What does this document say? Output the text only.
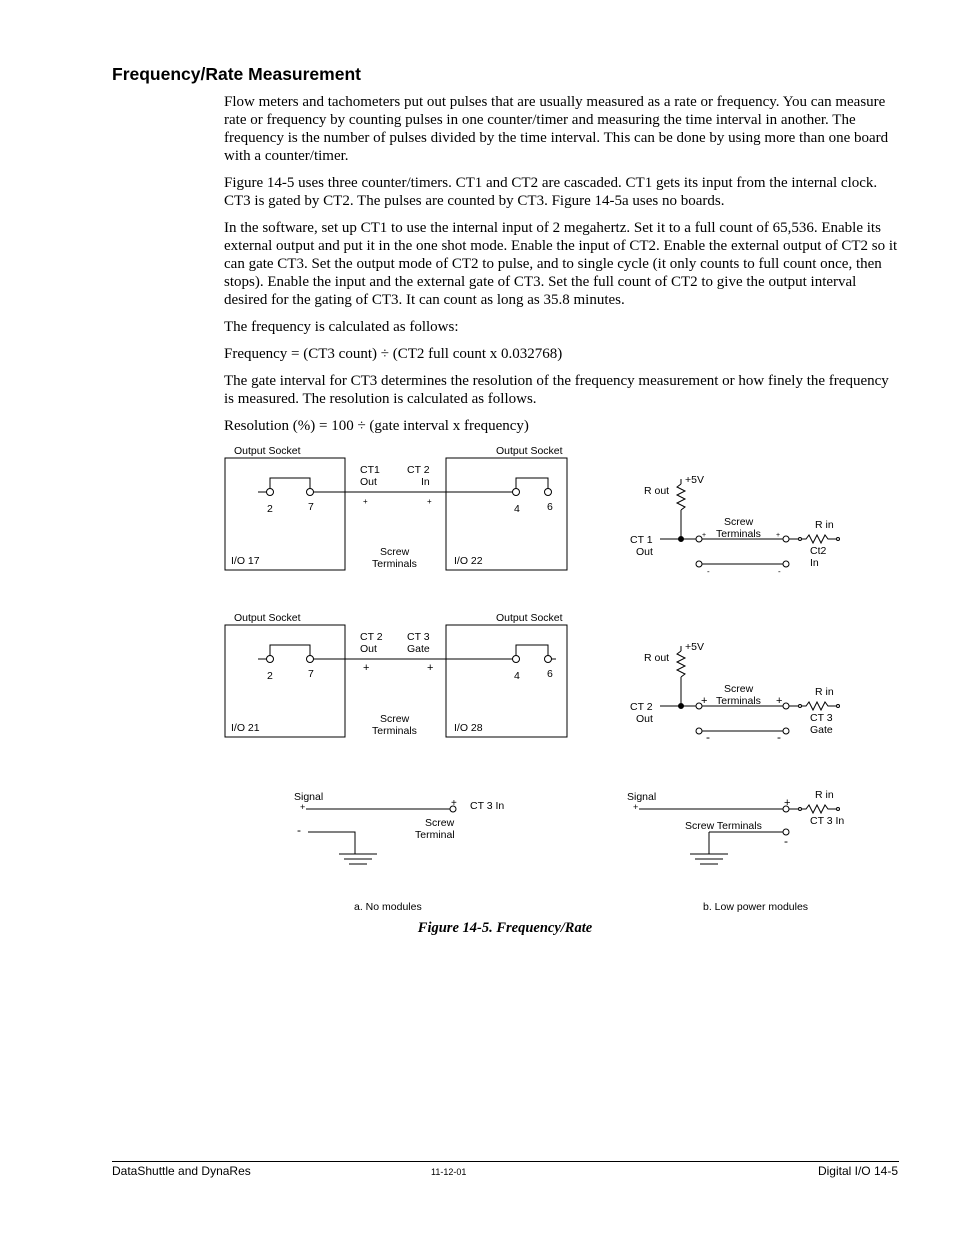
Frequency/Rate Measurement

Flow meters and tachometers put out pulses that are usually measured as a rate or frequency. You can measure rate or frequency by counting pulses in one counter/timer and measuring the time interval in another. The frequency is the number of pulses divided by the time interval. This can be done by using more than one board with a counter/timer.

Figure 14-5 uses three counter/timers. CT1 and CT2 are cascaded. CT1 gets its input from the internal clock. CT3 is gated by CT2. The pulses are counted by CT3. Figure 14-5a uses no boards.

In the software, set up CT1 to use the internal input of 2 megahertz. Set it to a full count of 65,536. Enable its external output and put it in the one shot mode. Enable the input of CT2. Enable the external output of CT2 so it can gate CT3. Set the output mode of CT2 to pulse, and to single cycle (it only counts to full count once, then stops). Enable the input and the external gate of CT3. Set the full count of CT2 to give the output interval desired for the gating of CT3. It can count as long as 35.8 minutes.

The frequency is calculated as follows:

Frequency = (CT3 count) ÷ (CT2 full count x 0.032768)

The gate interval for CT3 determines the resolution of the frequency measurement or how finely the frequency is measured. The resolution is calculated as follows.

Resolution (%) = 100 ÷ (gate interval x frequency)

Output Socket	Output Socket
CT1
Out
CT 2
In
+	+
2	7	4	6
Screw
Terminals
I/O 17	I/O 22
Output Socket	Output Socket
CT 2
Out
CT 3
Gate
+	+
2	7	4	6
Screw
Terminals
I/O 21	I/O 28
+5V
R out
CT 1
Out
Screw
Terminals
+	+
R in
Ct2
In
-	-
+5V
R out
CT 2
Out
Screw
Terminals
+	+
R in
CT 3
Gate
-	-
Signal
+	+ CT 3 In
Screw
Terminal
-
a. No modules
Signal
+	+
R in
CT 3 In
Screw Terminals
-
b. Low power modules
Figure 14-5. Frequency/Rate
DataShuttle and DynaRes	11-12-01	Digital I/O 14-5
